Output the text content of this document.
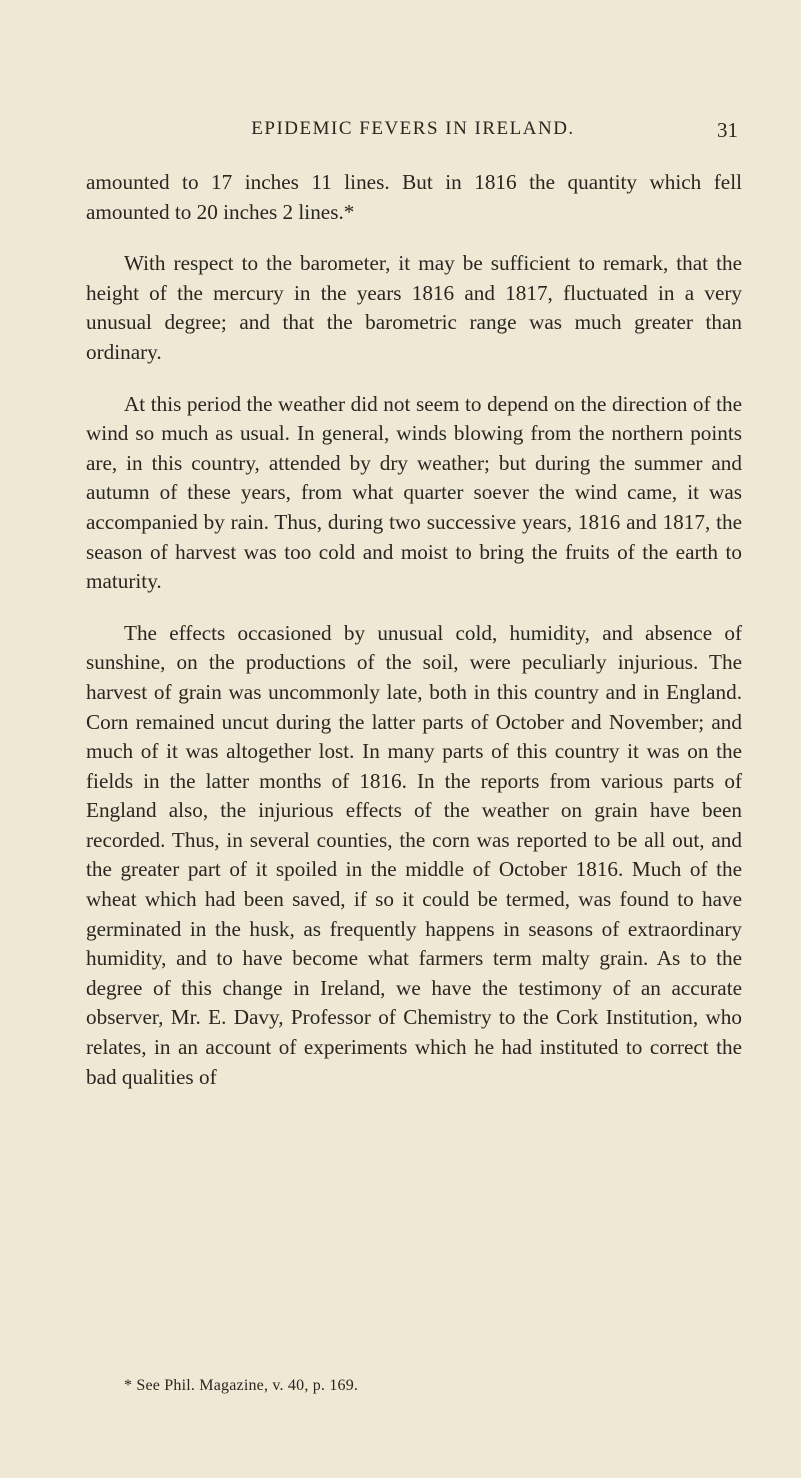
EPIDEMIC FEVERS IN IRELAND.	31

amounted to 17 inches 11 lines. But in 1816 the quantity which fell amounted to 20 inches 2 lines.*

With respect to the barometer, it may be sufficient to remark, that the height of the mercury in the years 1816 and 1817, fluctuated in a very unusual degree; and that the barometric range was much greater than ordinary.

At this period the weather did not seem to depend on the direction of the wind so much as usual. In general, winds blowing from the northern points are, in this country, attended by dry weather; but during the summer and autumn of these years, from what quarter soever the wind came, it was accompanied by rain. Thus, during two successive years, 1816 and 1817, the season of harvest was too cold and moist to bring the fruits of the earth to maturity.

The effects occasioned by unusual cold, humidity, and absence of sunshine, on the productions of the soil, were peculiarly injurious. The harvest of grain was uncommonly late, both in this country and in England. Corn remained uncut during the latter parts of October and November; and much of it was altogether lost. In many parts of this country it was on the fields in the latter months of 1816. In the reports from various parts of England also, the injurious effects of the weather on grain have been recorded. Thus, in several counties, the corn was reported to be all out, and the greater part of it spoiled in the middle of October 1816. Much of the wheat which had been saved, if so it could be termed, was found to have germinated in the husk, as frequently happens in seasons of extraordinary humidity, and to have become what farmers term malty grain. As to the degree of this change in Ireland, we have the testimony of an accurate observer, Mr. E. Davy, Professor of Chemistry to the Cork Institution, who relates, in an account of experiments which he had instituted to correct the bad qualities of

* See Phil. Magazine, v. 40, p. 169.
